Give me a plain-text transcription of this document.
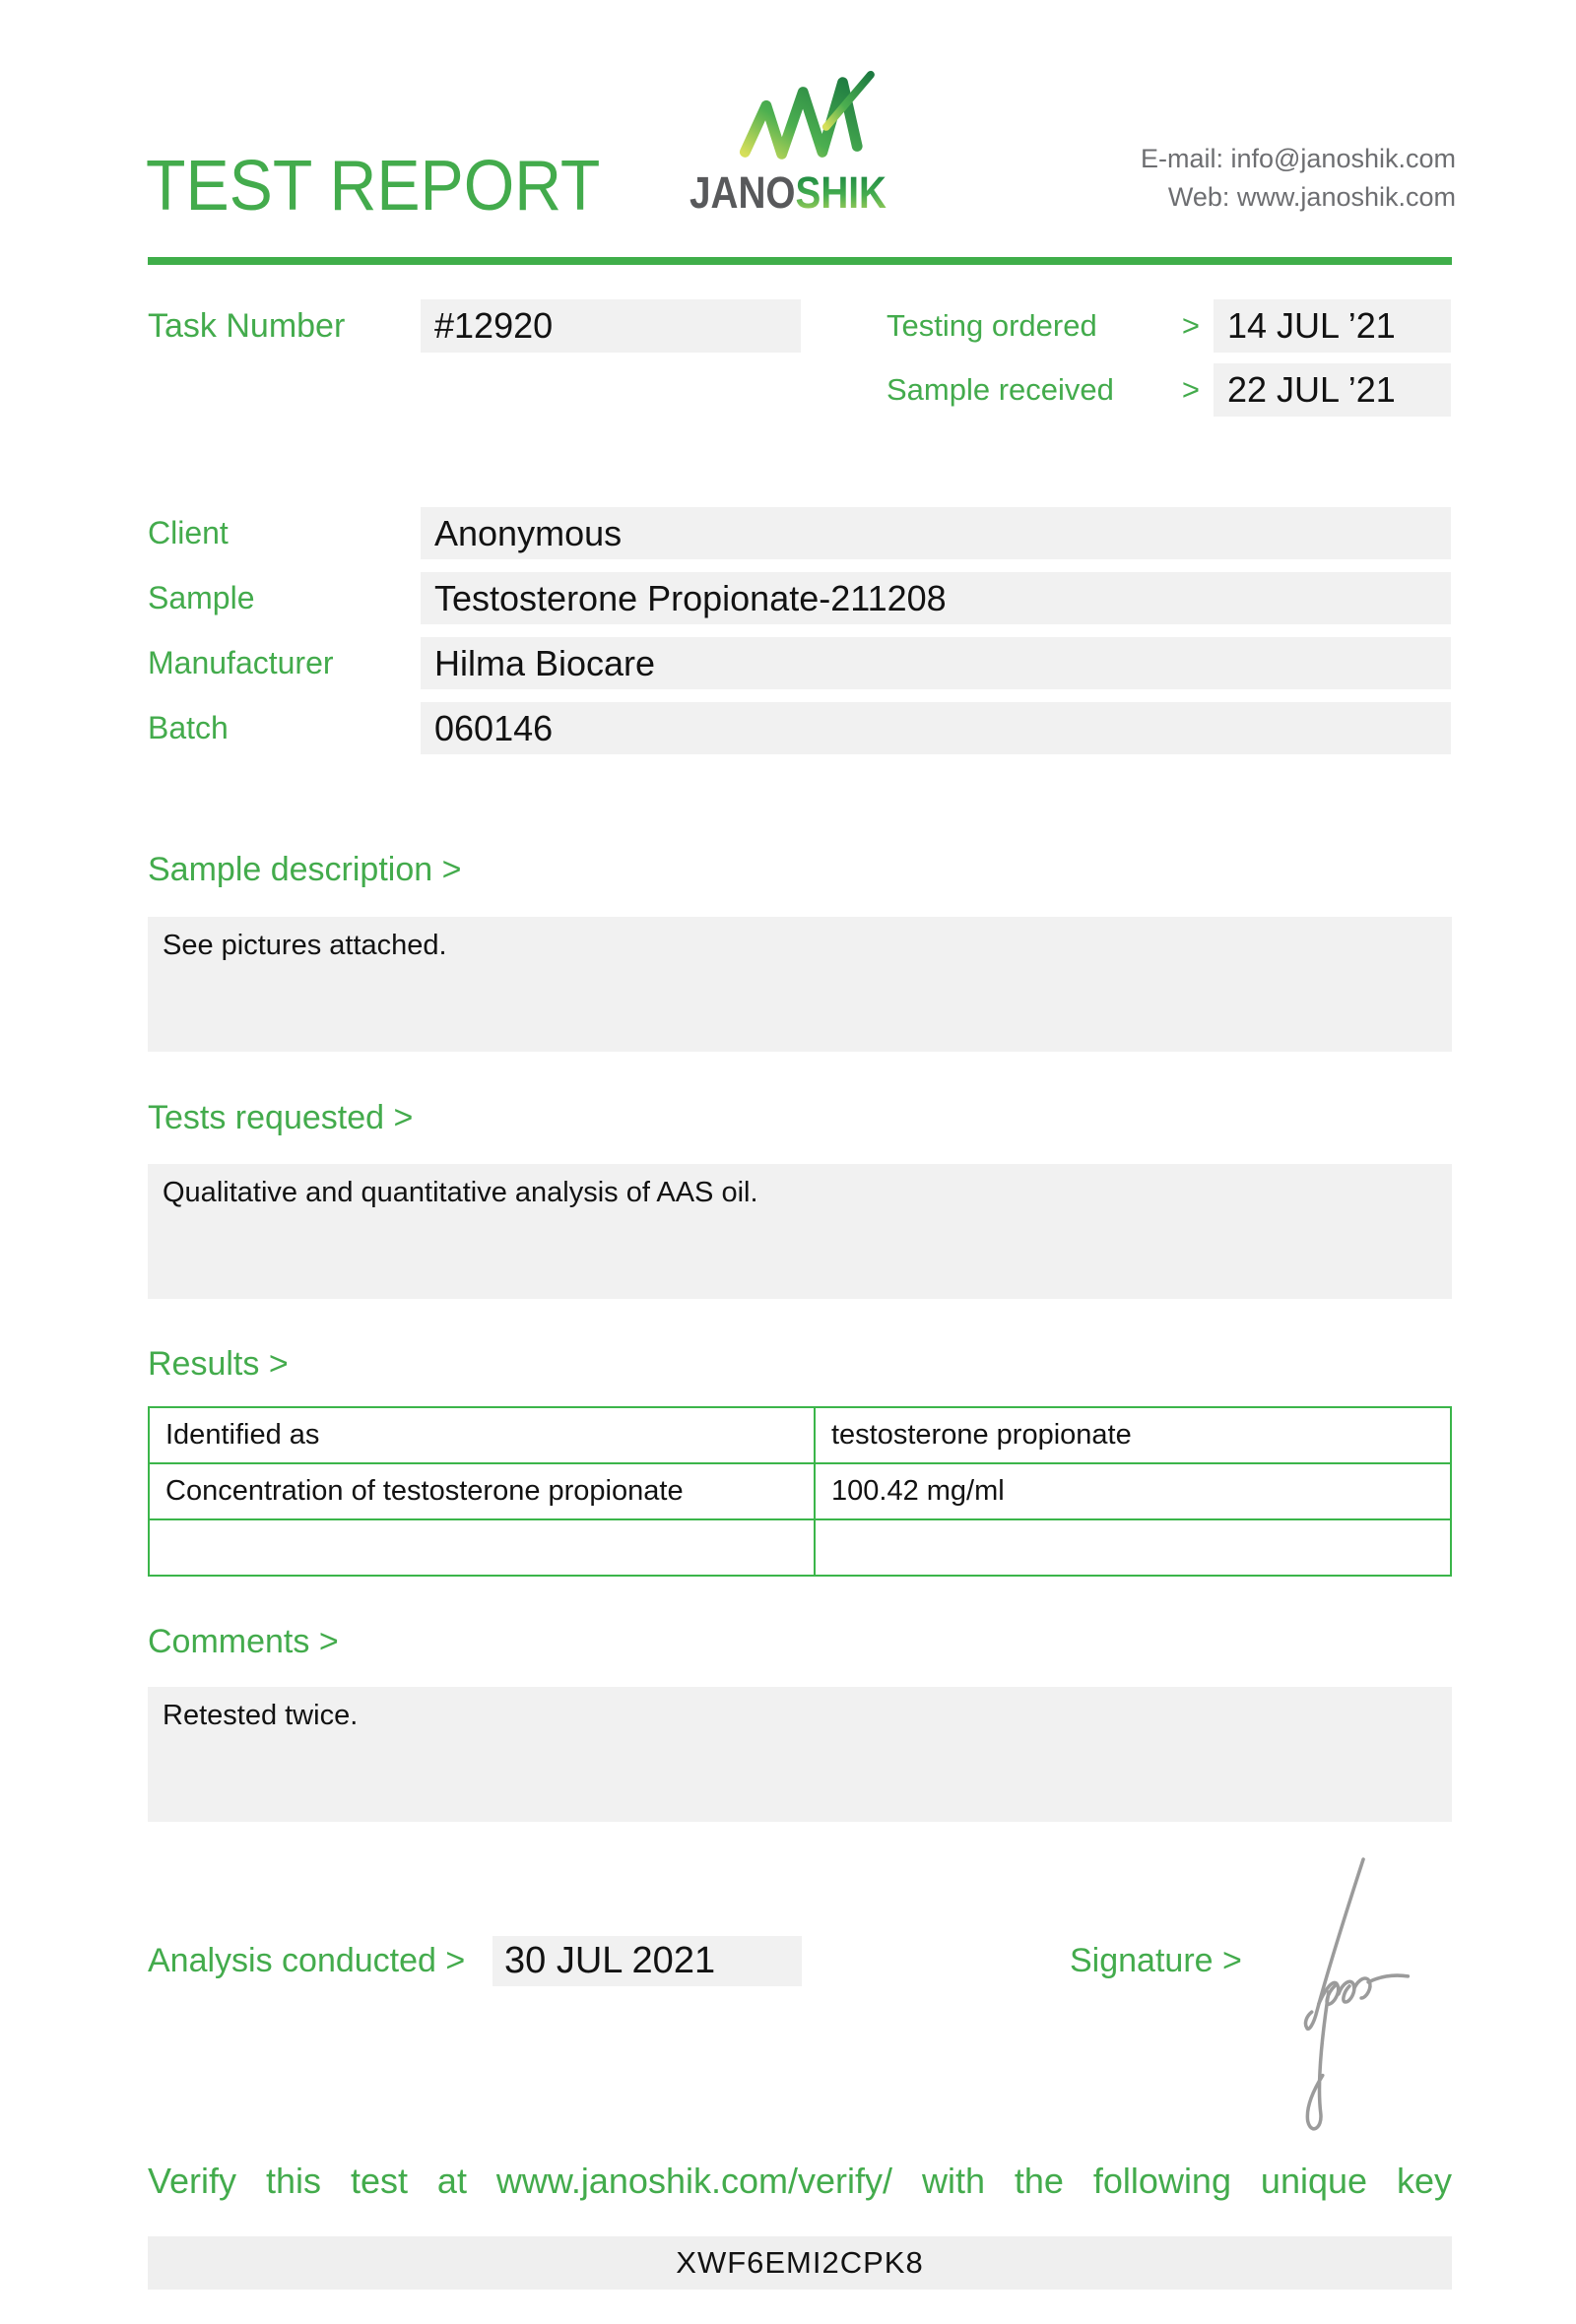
TEST REPORT	JANOSHIK
E-mail: info@janoshik.com
Web: www.janoshik.com
Task Number	#12920	Testing ordered	> 14 JUL ’21
Sample received > 22 JUL ’21
Client	Anonymous
Sample	Testosterone Propionate-211208
Manufacturer	Hilma Biocare
Batch	060146
Sample description >
See pictures attached.
Tests requested >
Qualitative and quantitative analysis of AAS oil.
Results >
Identified as	testosterone propionate
Concentration of testosterone propionate	100.42 mg/ml

Comments >
Retested twice.
Analysis conducted >	30 JUL 2021	Signature >
Verify this test at www.janoshik.com/verify/ with the following unique key
XWF6EMI2CPK8
